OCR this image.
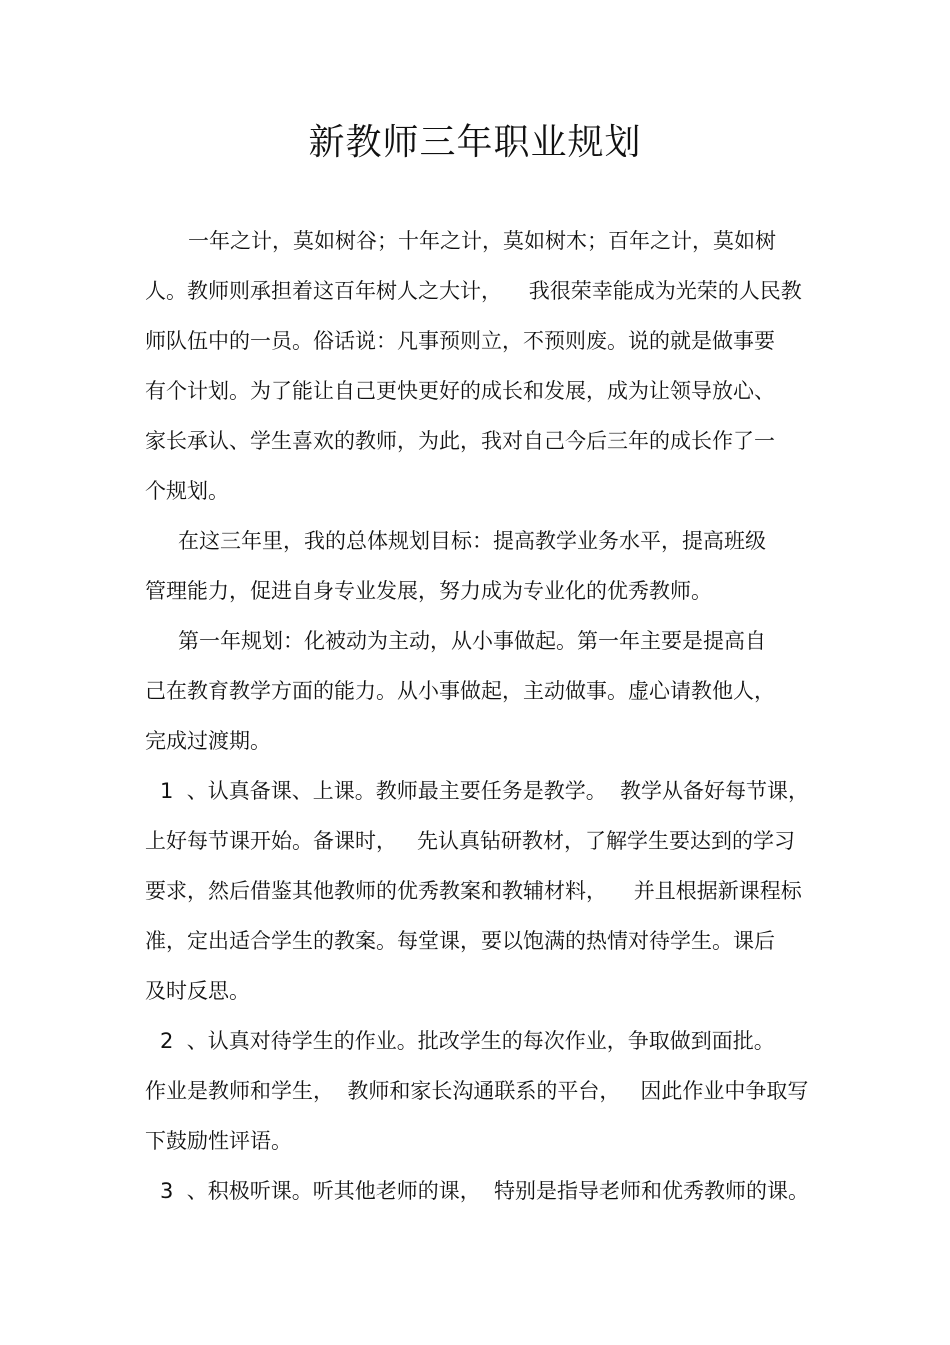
新教师三年职业规划
一年之计，莫如树谷；十年之计，莫如树木；百年之计，莫如树
人。教师则承担着这百年树人之大计，    我很荣幸能成为光荣的人民教
师队伍中的一员。俗话说：凡事预则立，不预则废。说的就是做事要
有个计划。为了能让自己更快更好的成长和发展，成为让领导放心、
家长承认、学生喜欢的教师，为此，我对自己今后三年的成长作了一
个规划。
在这三年里，我的总体规划目标：提高教学业务水平，提高班级
管理能力，促进自身专业发展，努力成为专业化的优秀教师。
第一年规划：化被动为主动，从小事做起。第一年主要是提高自
己在教育教学方面的能力。从小事做起，主动做事。虚心请教他人，
完成过渡期。
1  、认真备课、上课。教师最主要任务是教学。  教学从备好每节课，
上好每节课开始。备课时，   先认真钻研教材，了解学生要达到的学习
要求，然后借鉴其他教师的优秀教案和教辅材料，    并且根据新课程标
准，定出适合学生的教案。每堂课，要以饱满的热情对待学生。课后
及时反思。
2  、认真对待学生的作业。批改学生的每次作业，争取做到面批。
作业是教师和学生，  教师和家长沟通联系的平台，   因此作业中争取写
下鼓励性评语。
3  、积极听课。听其他老师的课，  特别是指导老师和优秀教师的课。
